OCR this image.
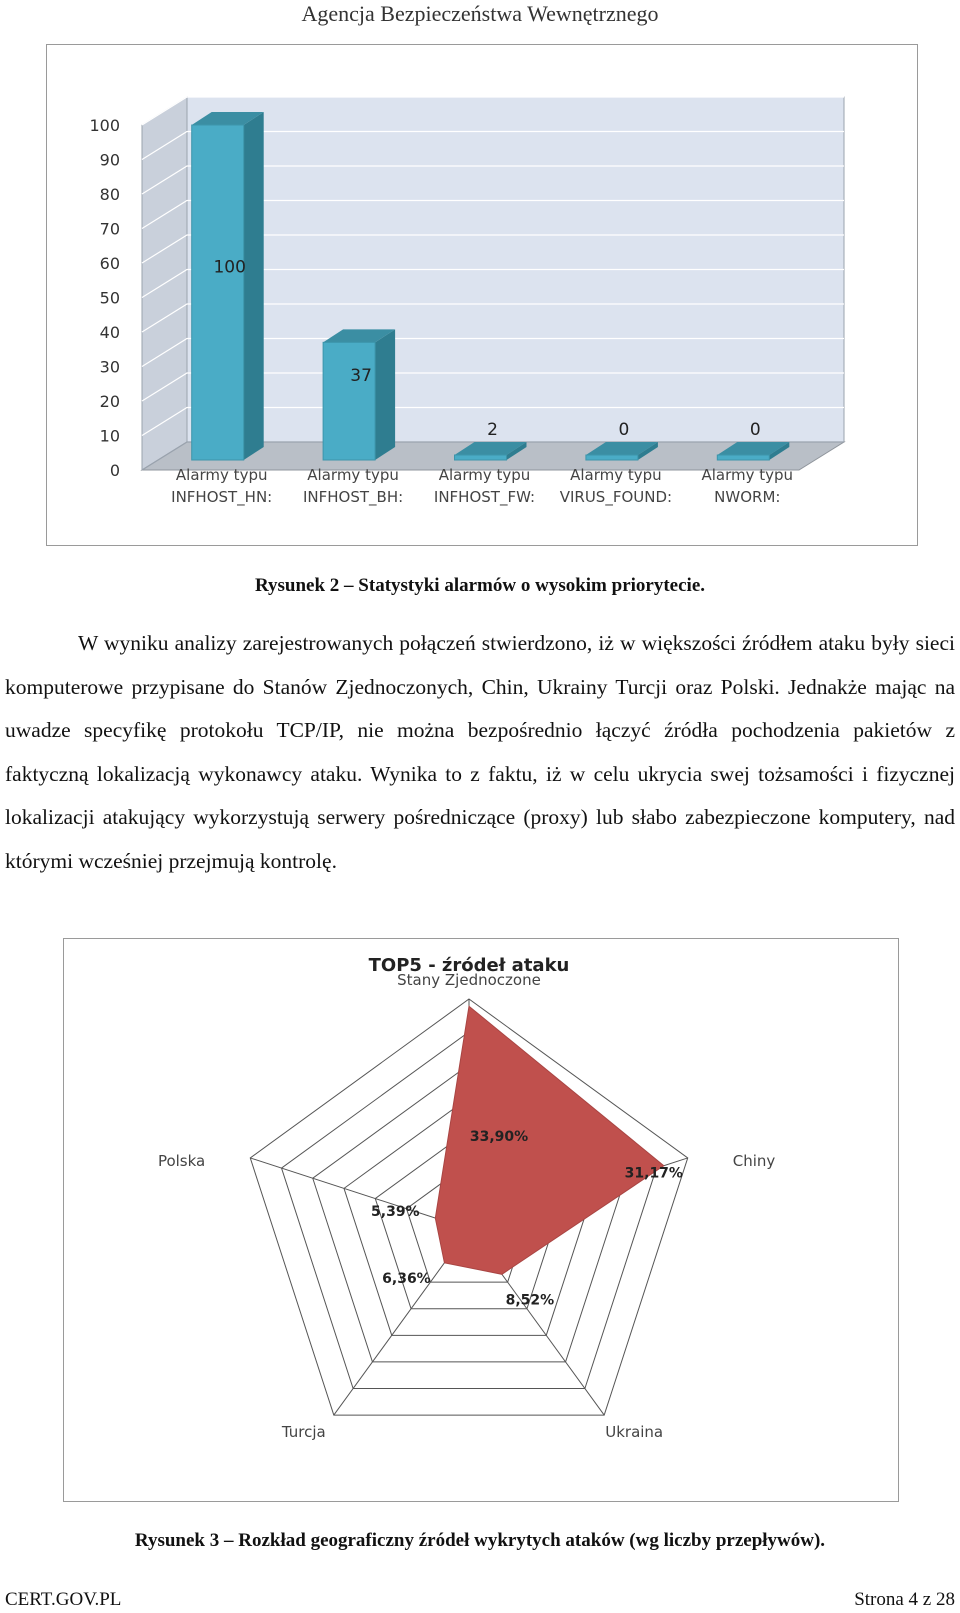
Agencja Bezpieczeństwa Wewnętrznego
0
10
20
30
40
50
60
70
80
90
100
100
Alarmy typu
INFHOST_HN:
37
Alarmy typu
INFHOST_BH:
2
Alarmy typu
INFHOST_FW:
0
Alarmy typu
VIRUS_FOUND:
0
Alarmy typu
NWORM:
Rysunek 2 – Statystyki alarmów o wysokim priorytecie.

W wyniku analizy zarejestrowanych połączeń stwierdzono, iż w większości źródłem ataku były sieci komputerowe przypisane do Stanów Zjednoczonych, Chin, Ukrainy Turcji oraz Polski. Jednakże mając na uwadze specyfikę protokołu TCP/IP, nie można bezpośrednio łączyć źródła pochodzenia pakietów z faktyczną lokalizacją wykonawcy ataku. Wynika to z faktu, iż w celu ukrycia swej tożsamości i fizycznej lokalizacji atakujący wykorzystują serwery pośredniczące (proxy) lub słabo zabezpieczone komputery, nad którymi wcześniej przejmują kontrolę.

TOP5 - źródeł ataku
Stany Zjednoczone
Chiny
Ukraina
Turcja
Polska
33,90%
31,17%
8,52%
6,36%
5,39%
Rysunek 3 – Rozkład geograficzny źródeł wykrytych ataków (wg liczby przepływów).
CERT.GOV.PL	Strona 4 z 28
